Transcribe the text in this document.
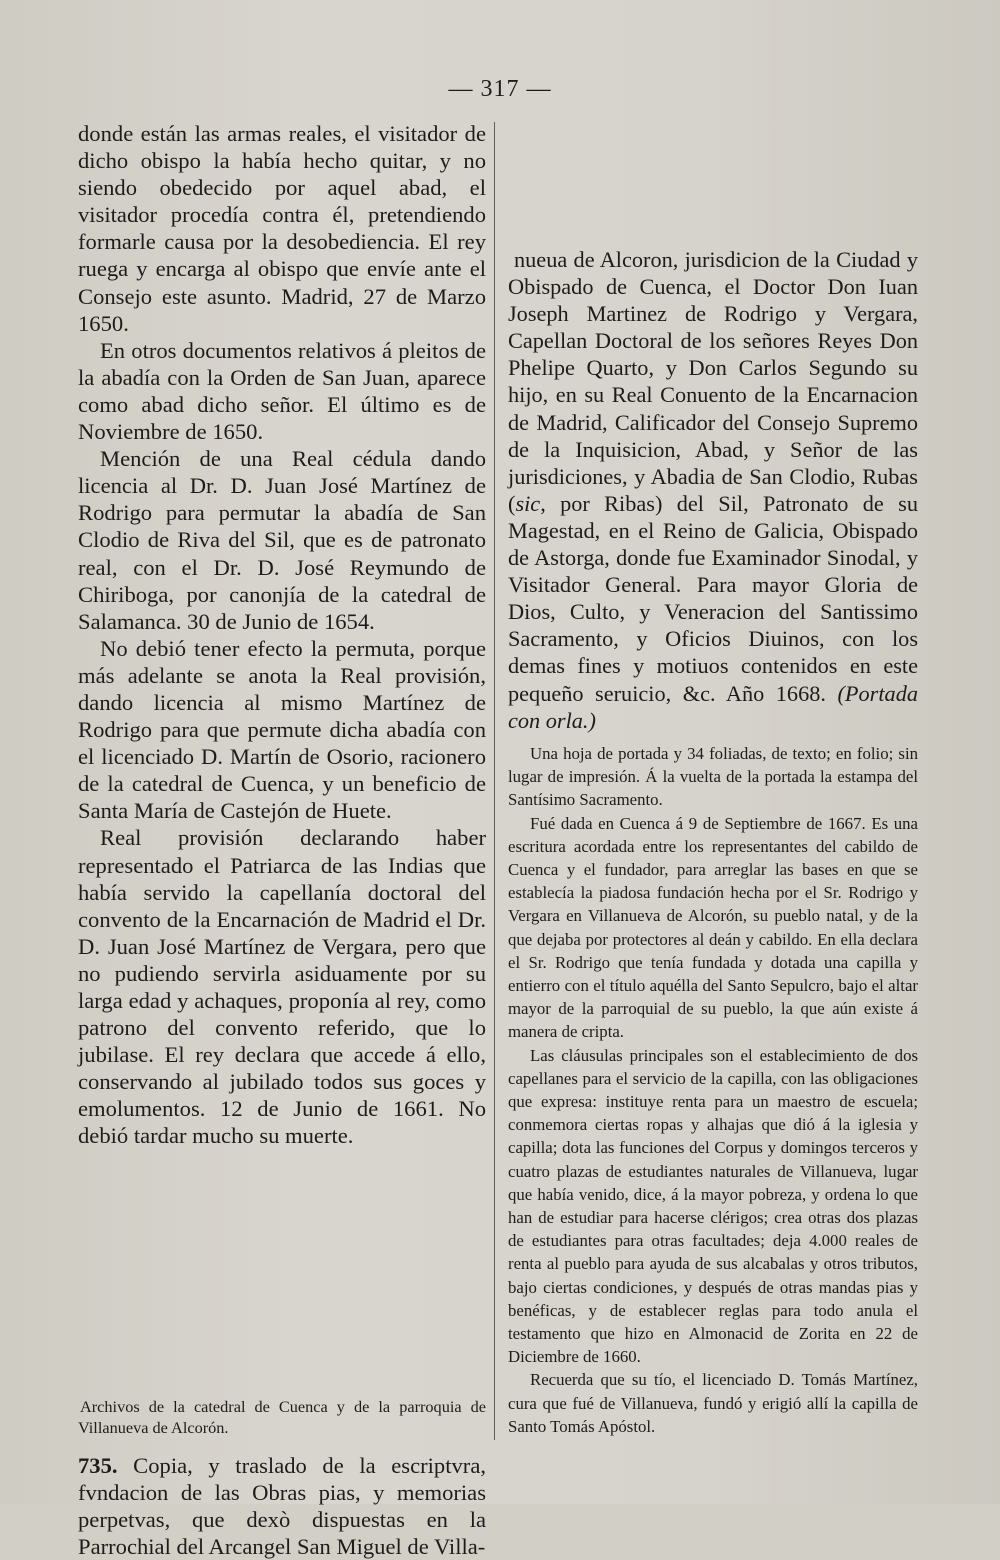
— 317 —

donde están las armas reales, el visitador de dicho obispo la había hecho quitar, y no siendo obedecido por aquel abad, el visitador procedía contra él, pretendiendo formarle causa por la desobediencia. El rey ruega y encarga al obispo que envíe ante el Consejo este asunto. Madrid, 27 de Marzo 1650.

En otros documentos relativos á pleitos de la abadía con la Orden de San Juan, aparece como abad dicho señor. El último es de Noviembre de 1650.

Mención de una Real cédula dando licencia al Dr. D. Juan José Martínez de Rodrigo para permutar la abadía de San Clodio de Riva del Sil, que es de patronato real, con el Dr. D. José Reymundo de Chiriboga, por canonjía de la catedral de Salamanca. 30 de Junio de 1654.

No debió tener efecto la permuta, porque más adelante se anota la Real provisión, dando licencia al mismo Martínez de Rodrigo para que permute dicha abadía con el licenciado D. Martín de Osorio, racionero de la catedral de Cuenca, y un beneficio de Santa María de Castejón de Huete.

Real provisión declarando haber representado el Patriarca de las Indias que había servido la capellanía doctoral del convento de la Encarnación de Madrid el Dr. D. Juan José Martínez de Vergara, pero que no pudiendo servirla asiduamente por su larga edad y achaques, proponía al rey, como patrono del convento referido, que lo jubilase. El rey declara que accede á ello, conservando al jubilado todos sus goces y emolumentos. 12 de Junio de 1661. No debió tardar mucho su muerte.

Archivos de la catedral de Cuenca y de la parroquia de Villanueva de Alcorón.

735. Copia, y traslado de la escriptvra, fvndacion de las Obras pias, y memorias perpetvas, que dexò dispuestas en la Parrochial del Arcangel San Miguel de Villa-

nueua de Alcoron, jurisdicion de la Ciudad y Obispado de Cuenca, el Doctor Don Iuan Joseph Martinez de Rodrigo y Vergara, Capellan Doctoral de los señores Reyes Don Phelipe Quarto, y Don Carlos Segundo su hijo, en su Real Conuento de la Encarnacion de Madrid, Calificador del Consejo Supremo de la Inquisicion, Abad, y Señor de las jurisdiciones, y Abadia de San Clodio, Rubas (sic, por Ribas) del Sil, Patronato de su Magestad, en el Reino de Galicia, Obispado de Astorga, donde fue Examinador Sinodal, y Visitador General. Para mayor Gloria de Dios, Culto, y Veneracion del Santissimo Sacramento, y Oficios Diuinos, con los demas fines y motiuos contenidos en este pequeño seruicio, &c. Año 1668. (Portada con orla.)

Una hoja de portada y 34 foliadas, de texto; en folio; sin lugar de impresión. Á la vuelta de la portada la estampa del Santísimo Sacramento.

Fué dada en Cuenca á 9 de Septiembre de 1667. Es una escritura acordada entre los representantes del cabildo de Cuenca y el fundador, para arreglar las bases en que se establecía la piadosa fundación hecha por el Sr. Rodrigo y Vergara en Villanueva de Alcorón, su pueblo natal, y de la que dejaba por protectores al deán y cabildo. En ella declara el Sr. Rodrigo que tenía fundada y dotada una capilla y entierro con el título aquélla del Santo Sepulcro, bajo el altar mayor de la parroquial de su pueblo, la que aún existe á manera de cripta.

Las cláusulas principales son el establecimiento de dos capellanes para el servicio de la capilla, con las obligaciones que expresa: instituye renta para un maestro de escuela; conmemora ciertas ropas y alhajas que dió á la iglesia y capilla; dota las funciones del Corpus y domingos terceros y cuatro plazas de estudiantes naturales de Villanueva, lugar que había venido, dice, á la mayor pobreza, y ordena lo que han de estudiar para hacerse clérigos; crea otras dos plazas de estudiantes para otras facultades; deja 4.000 reales de renta al pueblo para ayuda de sus alcabalas y otros tributos, bajo ciertas condiciones, y después de otras mandas pias y benéficas, y de establecer reglas para todo anula el testamento que hizo en Almonacid de Zorita en 22 de Diciembre de 1660.

Recuerda que su tío, el licenciado D. Tomás Martínez, cura que fué de Villanueva, fundó y erigió allí la capilla de Santo Tomás Apóstol.
